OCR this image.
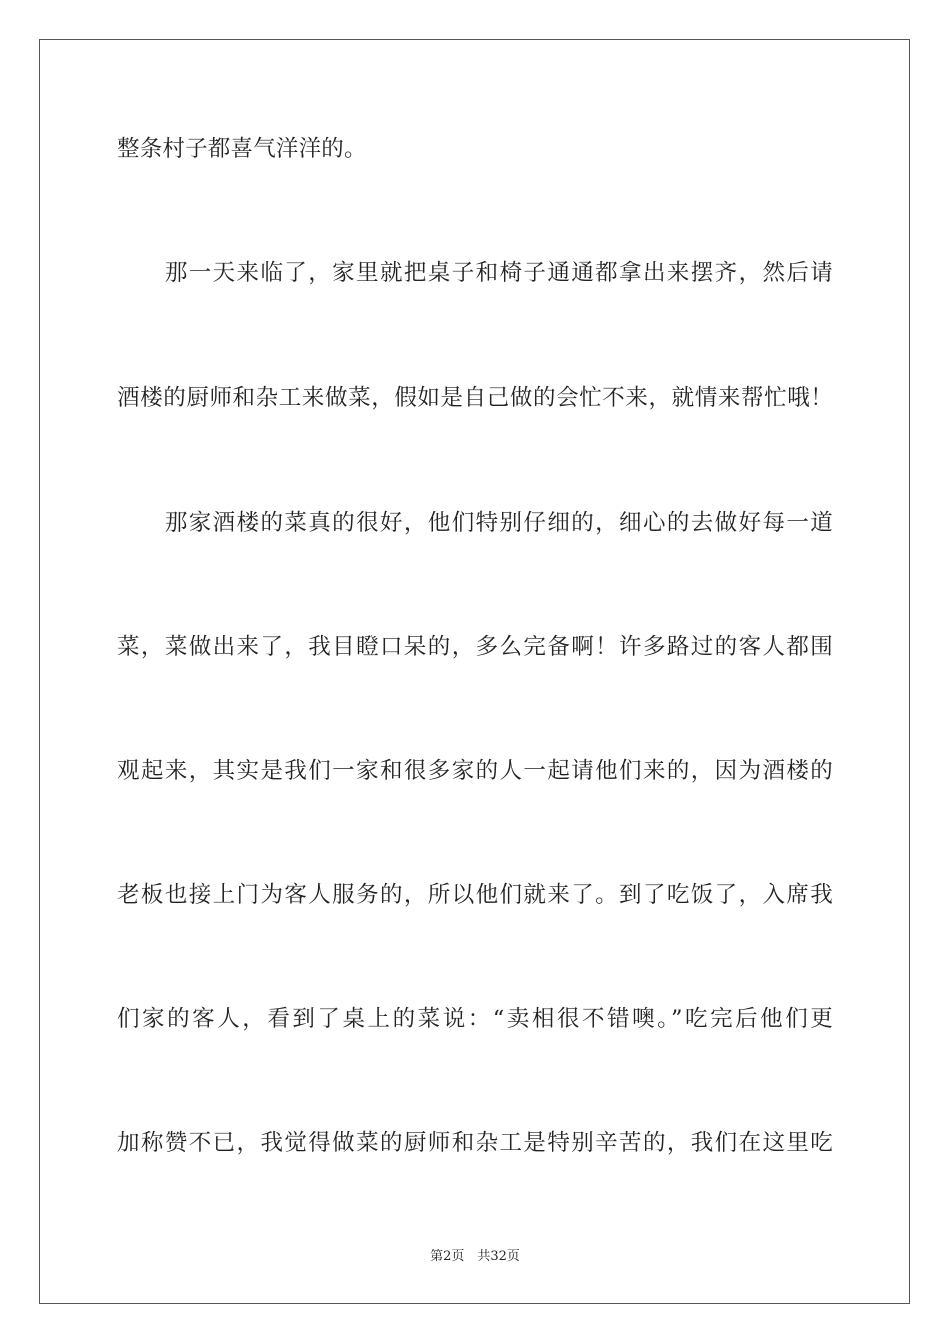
整条村子都喜气洋洋的。
　　那一天来临了，家里就把桌子和椅子通通都拿出来摆齐，然后请
酒楼的厨师和杂工来做菜，假如是自己做的会忙不来，就情来帮忙哦！
　　那家酒楼的菜真的很好，他们特别仔细的，细心的去做好每一道
菜，菜做出来了，我目瞪口呆的，多么完备啊！许多路过的客人都围
观起来，其实是我们一家和很多家的人一起请他们来的，因为酒楼的
老板也接上门为客人服务的，所以他们就来了。到了吃饭了，入席我
们家的客人，看到了桌上的菜说：“卖相很不错噢。”吃完后他们更
加称赞不已，我觉得做菜的厨师和杂工是特别辛苦的，我们在这里吃
第2页　共32页
